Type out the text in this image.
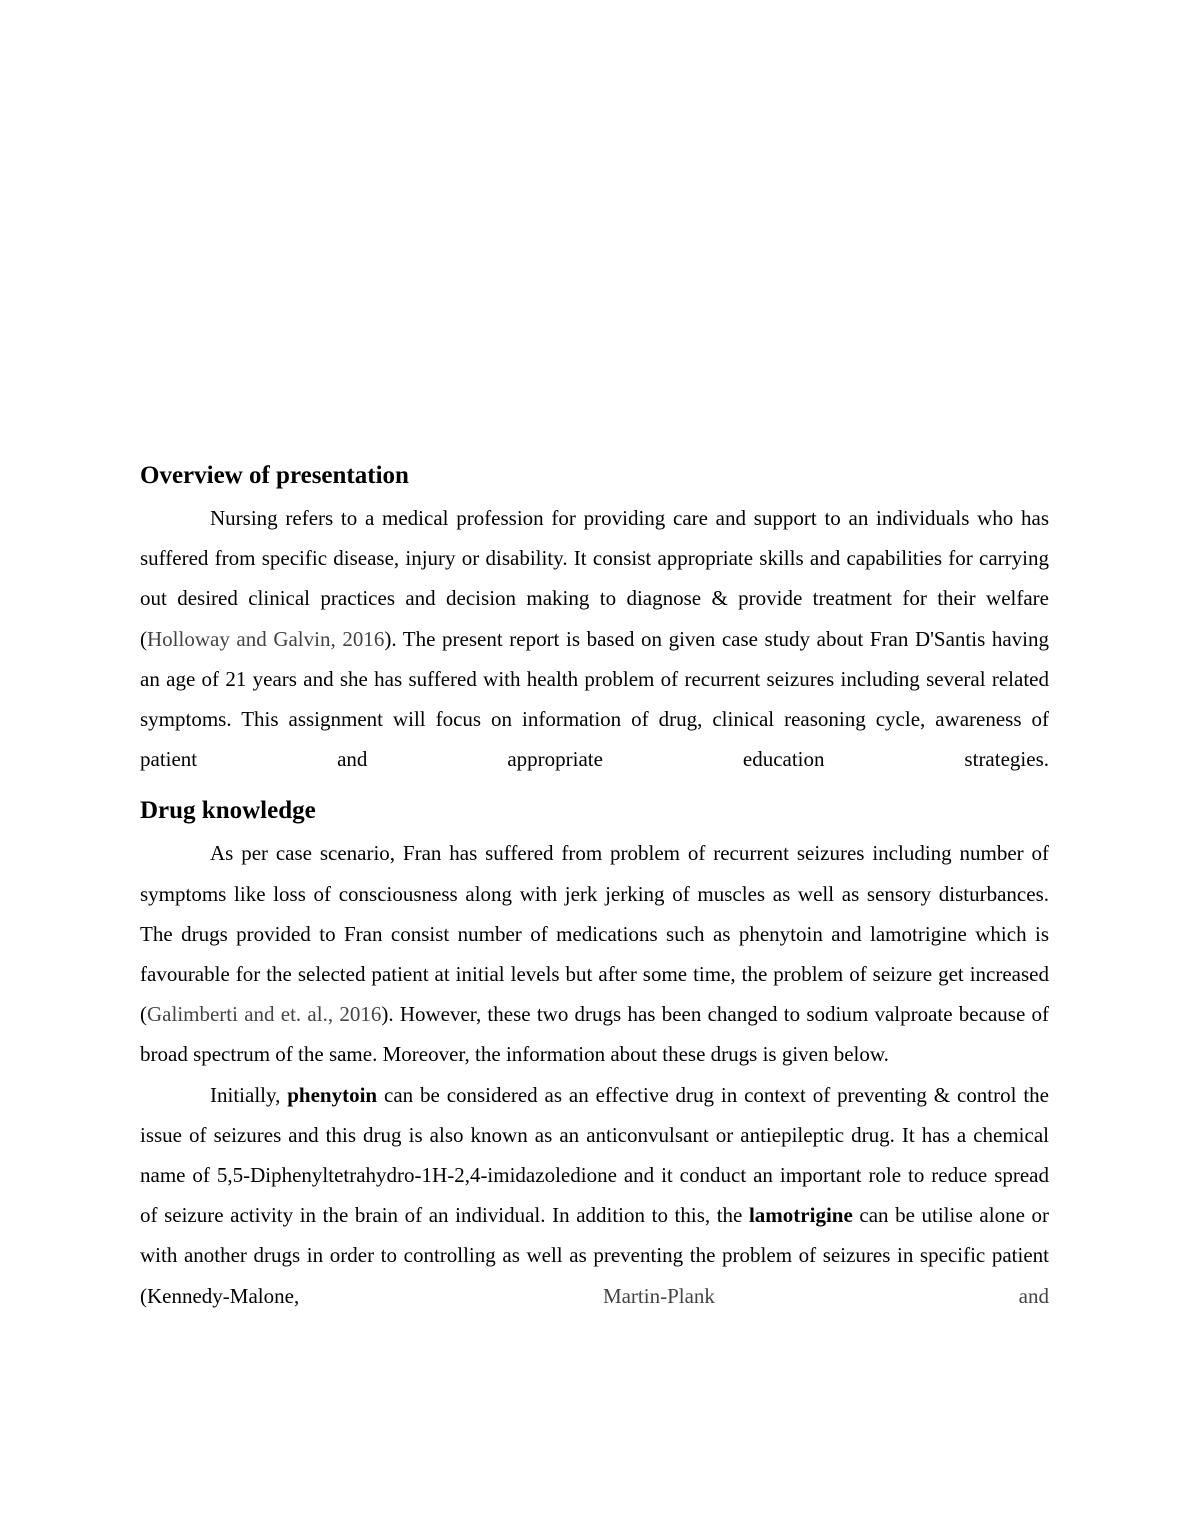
Overview of presentation

Nursing refers to a medical profession for providing care and support to an individuals who has suffered from specific disease, injury or disability. It consist appropriate skills and capabilities for carrying out desired clinical practices and decision making to diagnose & provide treatment for their welfare (Holloway and Galvin, 2016). The present report is based on given case study about Fran D'Santis having an age of 21 years and she has suffered with health problem of recurrent seizures including several related symptoms. This assignment will focus on information of drug, clinical reasoning cycle, awareness of patient and appropriate education strategies.

Drug knowledge

As per case scenario, Fran has suffered from problem of recurrent seizures including number of symptoms like loss of consciousness along with jerk jerking of muscles as well as sensory disturbances. The drugs provided to Fran consist number of medications such as phenytoin and lamotrigine which is favourable for the selected patient at initial levels but after some time, the problem of seizure get increased (Galimberti and et. al., 2016). However, these two drugs has been changed to sodium valproate because of broad spectrum of the same. Moreover, the information about these drugs is given below.

Initially, phenytoin can be considered as an effective drug in context of preventing & control the issue of seizures and this drug is also known as an anticonvulsant or antiepileptic drug. It has a chemical name of 5,5-Diphenyltetrahydro-1H-2,4-imidazoledione and it conduct an important role to reduce spread of seizure activity in the brain of an individual. In addition to this, the lamotrigine can be utilise alone or with another drugs in order to controlling as well as preventing the problem of seizures in specific patient (Kennedy-Malone, Martin-Plank and
